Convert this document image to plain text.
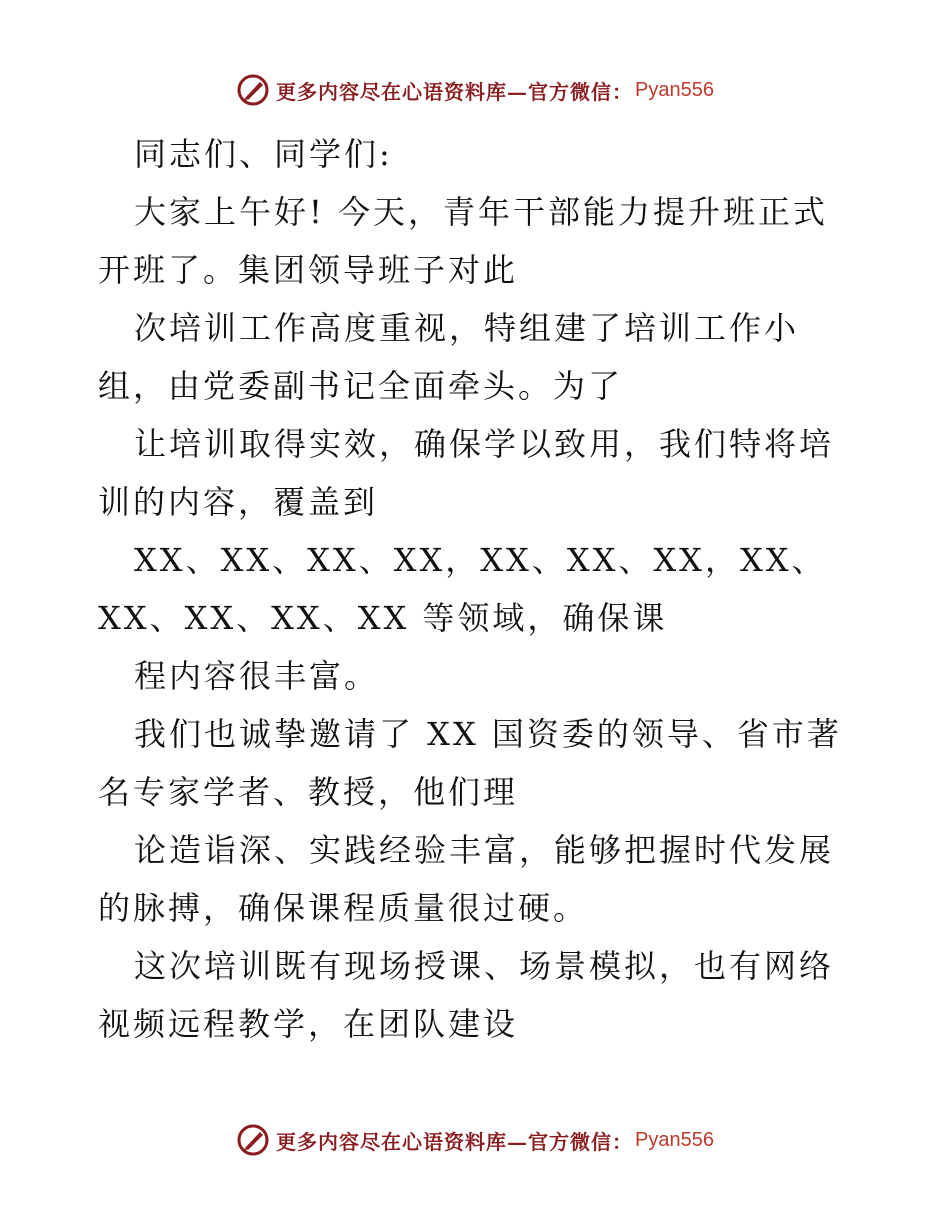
更多内容尽在心语资料库—官方微信： Pyan556

同志们、同学们:

大家上午好! 今天，青年干部能力提升班正式开班了。集团领导班子对此

次培训工作高度重视，特组建了培训工作小组，由党委副书记全面牵头。为了

让培训取得实效，确保学以致用，我们特将培训的内容，覆盖到

XX、XX、XX、XX，XX、XX、XX，XX、XX、XX、XX、XX 等领域，确保课

程内容很丰富。

我们也诚挚邀请了 XX 国资委的领导、省市著名专家学者、教授，他们理

论造诣深、实践经验丰富，能够把握时代发展的脉搏，确保课程质量很过硬。

这次培训既有现场授课、场景模拟，也有网络视频远程教学，在团队建设

更多内容尽在心语资料库—官方微信： Pyan556
